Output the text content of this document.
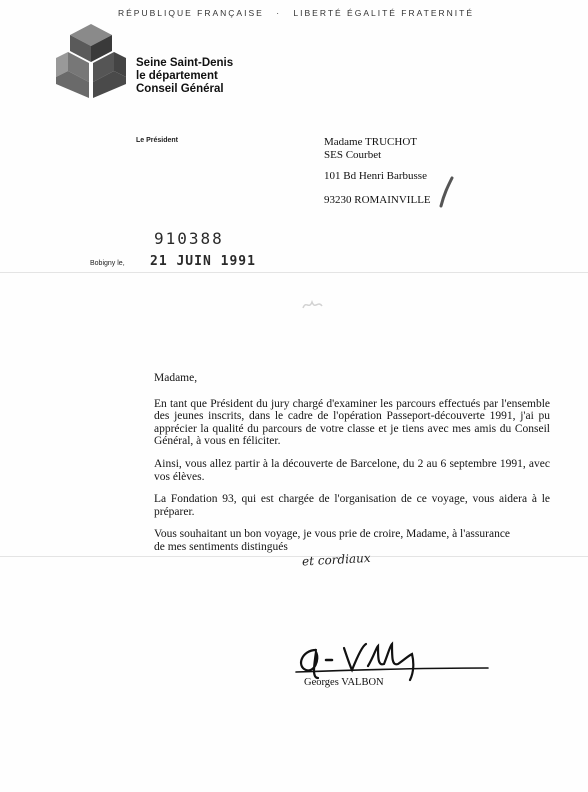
RÉPUBLIQUE FRANÇAISE · LIBERTÉ ÉGALITÉ FRATERNITÉ
Seine Saint-Denis
le département
Conseil Général
Le Président	Madame TRUCHOT
SES Courbet
101 Bd Henri Barbusse
93230 ROMAINVILLE
910388
Bobigny le, 21 JUIN 1991

Madame,

En tant que Président du jury chargé d'examiner les parcours effectués par l'ensemble des jeunes inscrits, dans le cadre de l'opération Passeport-découverte 1991, j'ai pu apprécier la qualité du parcours de votre classe et je tiens avec mes amis du Conseil Général, à vous en féliciter.

Ainsi, vous allez partir à la découverte de Barcelone, du 2 au 6 septembre 1991, avec vos élèves.

La Fondation 93, qui est chargée de l'organisation de ce voyage, vous aidera à le préparer.

Vous souhaitant un bon voyage, je vous prie de croire, Madame, à l'assurance
de mes sentiments distingués

et cordiaux
Georges VALBON
